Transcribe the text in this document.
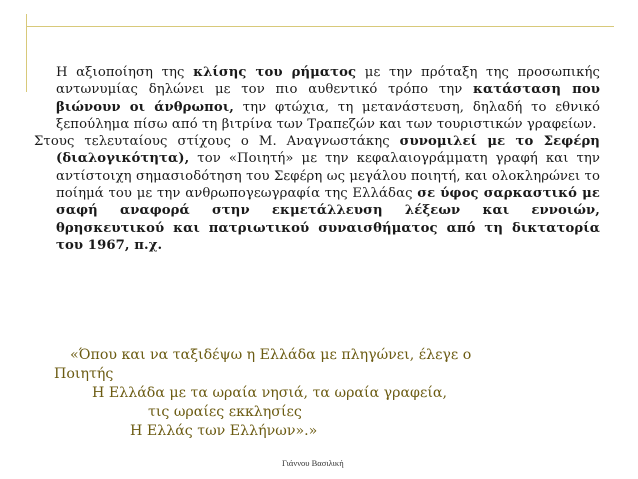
Η αξιοποίηση της κλίσης του ρήματος με την πρόταξη της προσωπικής αντωνυμίας δηλώνει με τον πιο αυθεντικό τρόπο την κατάσταση που βιώνουν οι άνθρωποι, την φτώχια, τη μετανάστευση, δηλαδή το εθνικό ξεπούλημα πίσω από τη βιτρίνα των Τραπεζών και των τουριστικών γραφείων.

Στους τελευταίους στίχους ο Μ. Αναγνωστάκης συνομιλεί με το Σεφέρη (διαλογικότητα), τον «Ποιητή» με την κεφαλαιογράμματη γραφή και την αντίστοιχη σημασιοδότηση του Σεφέρη ως μεγάλου ποιητή, και ολοκληρώνει το ποίημά του με την ανθρωπογεωγραφία της Ελλάδας σε ύφος σαρκαστικό με σαφή αναφορά στην εκμετάλλευση λέξεων και εννοιών, θρησκευτικού και πατριωτικού συναισθήματος από τη δικτατορία του 1967, π.χ.

«Όπου και να ταξιδέψω η Ελλάδα με πληγώνει, έλεγε ο
Ποιητής
Η Ελλάδα με τα ωραία νησιά, τα ωραία γραφεία,
τις ωραίες εκκλησίες
Η Ελλάς των Ελλήνων».»
Γιάννου Βασιλική
